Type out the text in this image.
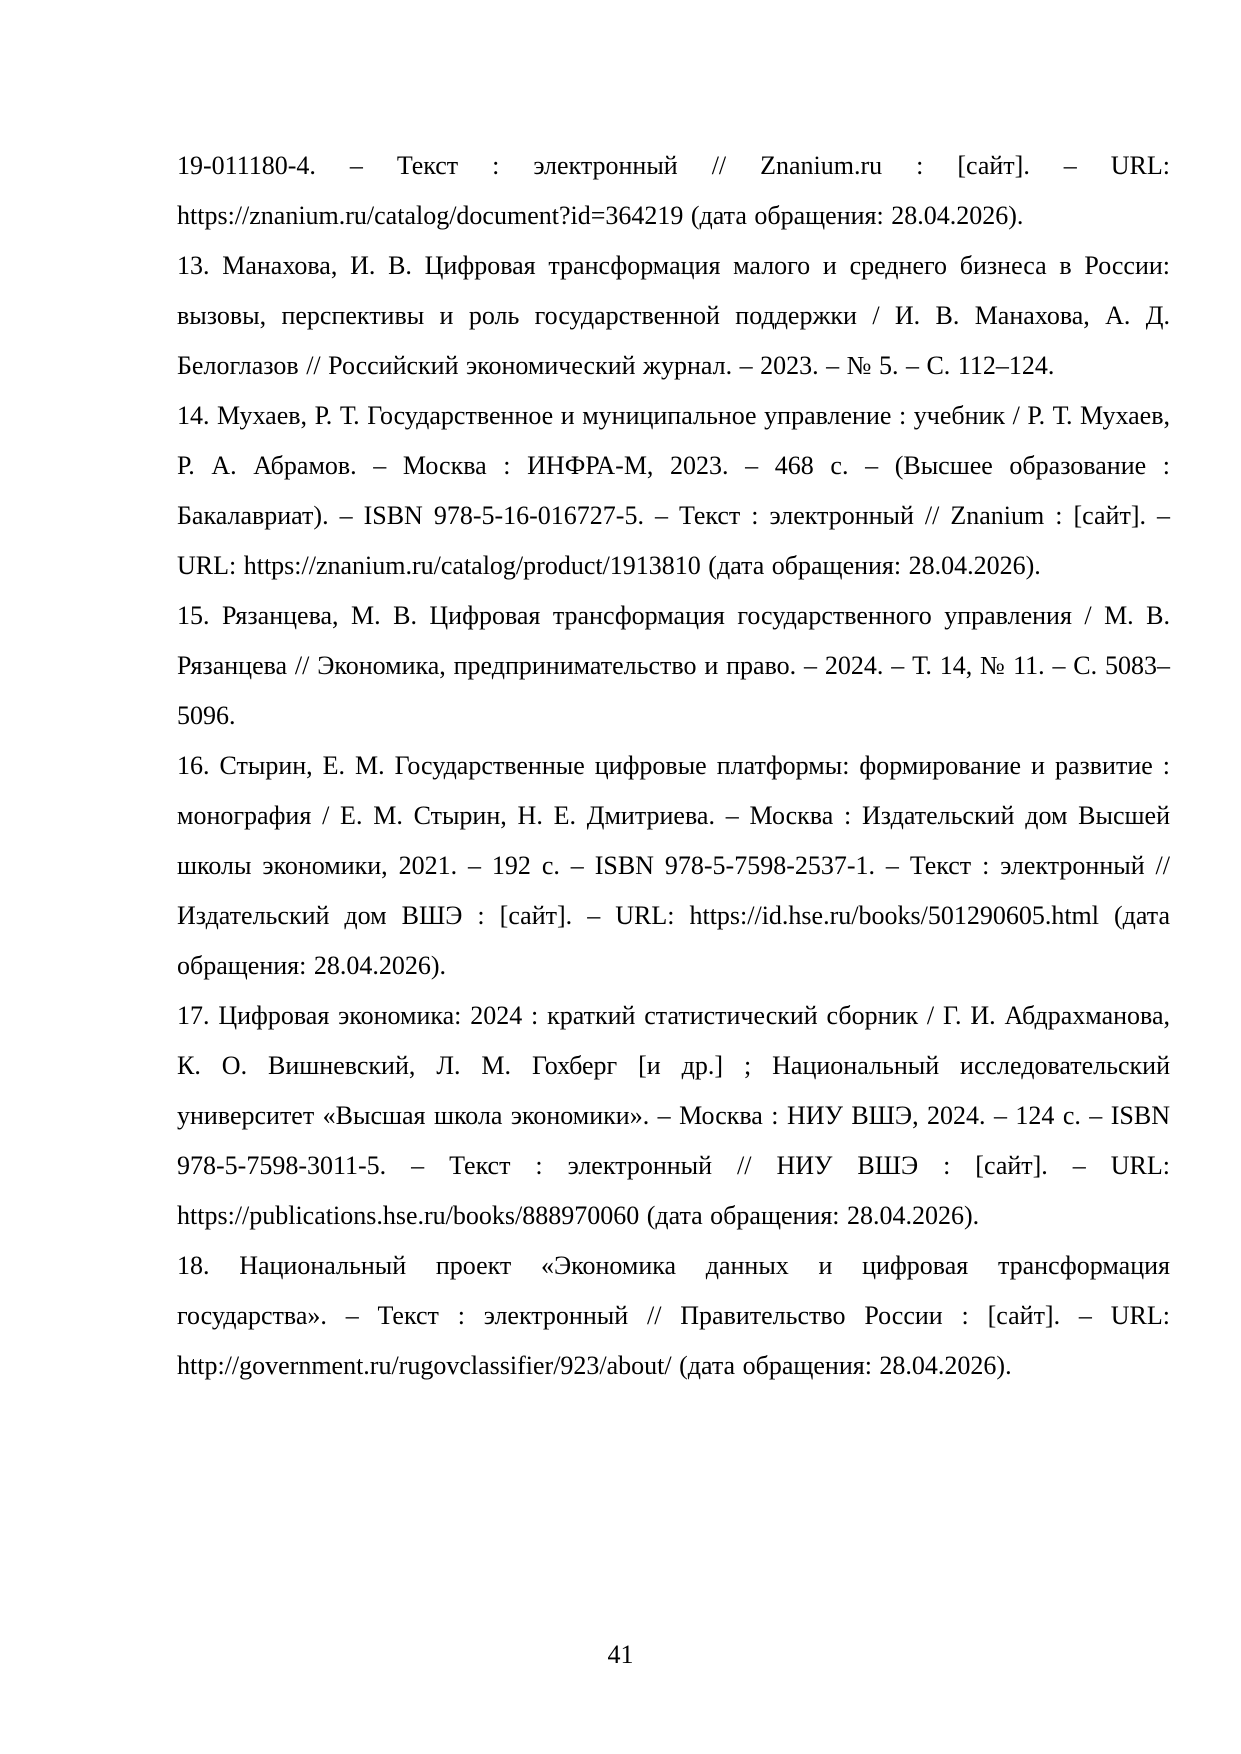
19-011180-4. – Текст : электронный // Znanium.ru : [сайт]. – URL: https://znanium.ru/catalog/document?id=364219 (дата обращения: 28.04.2026).

13. Манахова, И. В. Цифровая трансформация малого и среднего бизнеса в России: вызовы, перспективы и роль государственной поддержки / И. В. Манахова, А. Д. Белоглазов // Российский экономический журнал. – 2023. – № 5. – С. 112–124.

14. Мухаев, Р. Т. Государственное и муниципальное управление : учебник / Р. Т. Мухаев, Р. А. Абрамов. – Москва : ИНФРА-М, 2023. – 468 с. – (Высшее образование : Бакалавриат). – ISBN 978-5-16-016727-5. – Текст : электронный // Znanium : [сайт]. – URL: https://znanium.ru/catalog/product/1913810 (дата обращения: 28.04.2026).

15. Рязанцева, М. В. Цифровая трансформация государственного управления / М. В. Рязанцева // Экономика, предпринимательство и право. – 2024. – Т. 14, № 11. – С. 5083–5096.

16. Стырин, Е. М. Государственные цифровые платформы: формирование и развитие : монография / Е. М. Стырин, Н. Е. Дмитриева. – Москва : Издательский дом Высшей школы экономики, 2021. – 192 с. – ISBN 978-5-7598-2537-1. – Текст : электронный // Издательский дом ВШЭ : [сайт]. – URL: https://id.hse.ru/books/501290605.html (дата обращения: 28.04.2026).

17. Цифровая экономика: 2024 : краткий статистический сборник / Г. И. Абдрахманова, К. О. Вишневский, Л. М. Гохберг [и др.] ; Национальный исследовательский университет «Высшая школа экономики». – Москва : НИУ ВШЭ, 2024. – 124 с. – ISBN 978-5-7598-3011-5. – Текст : электронный // НИУ ВШЭ : [сайт]. – URL: https://publications.hse.ru/books/888970060 (дата обращения: 28.04.2026).

18. Национальный проект «Экономика данных и цифровая трансформация государства». – Текст : электронный // Правительство России : [сайт]. – URL: http://government.ru/rugovclassifier/923/about/ (дата обращения: 28.04.2026).

41
